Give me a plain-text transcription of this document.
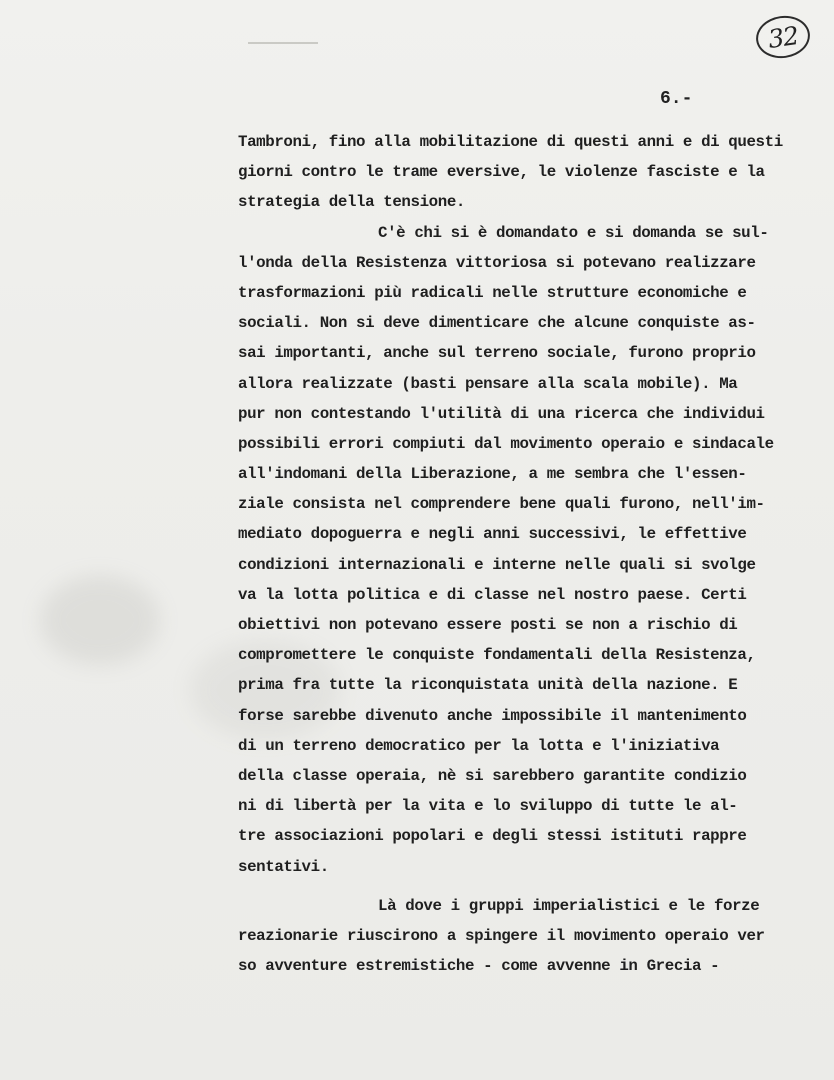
32
6.-
Tambroni, fino alla mobilitazione di questi anni e di questi
giorni contro le trame eversive, le violenze fasciste e la
strategia della tensione.
C'è chi si è domandato e si domanda se sul-
l'onda della Resistenza vittoriosa si potevano realizzare
trasformazioni più radicali nelle strutture economiche e
sociali. Non si deve dimenticare che alcune conquiste as-
sai importanti, anche sul terreno sociale, furono proprio
allora realizzate (basti pensare alla scala mobile). Ma
pur non contestando l'utilità di una ricerca che individui
possibili errori compiuti dal movimento operaio e sindacale
all'indomani della Liberazione, a me sembra che l'essen-
ziale consista nel comprendere bene quali furono, nell'im-
mediato dopoguerra e negli anni successivi, le effettive
condizioni internazionali e interne nelle quali si svolge
va la lotta politica e di classe nel nostro paese. Certi
obiettivi non potevano essere posti se non a rischio di
compromettere le conquiste fondamentali della Resistenza,
prima fra tutte la riconquistata unità della nazione. E
forse sarebbe divenuto anche impossibile il mantenimento
di un terreno democratico per la lotta e l'iniziativa
della classe operaia, nè si sarebbero garantite condizio
ni di libertà per la vita e lo sviluppo di tutte le al-
tre associazioni popolari e degli stessi istituti rappre
sentativi.
Là dove i gruppi imperialistici e le forze
reazionarie riuscirono a spingere il movimento operaio ver
so avventure estremistiche - come avvenne in Grecia -
